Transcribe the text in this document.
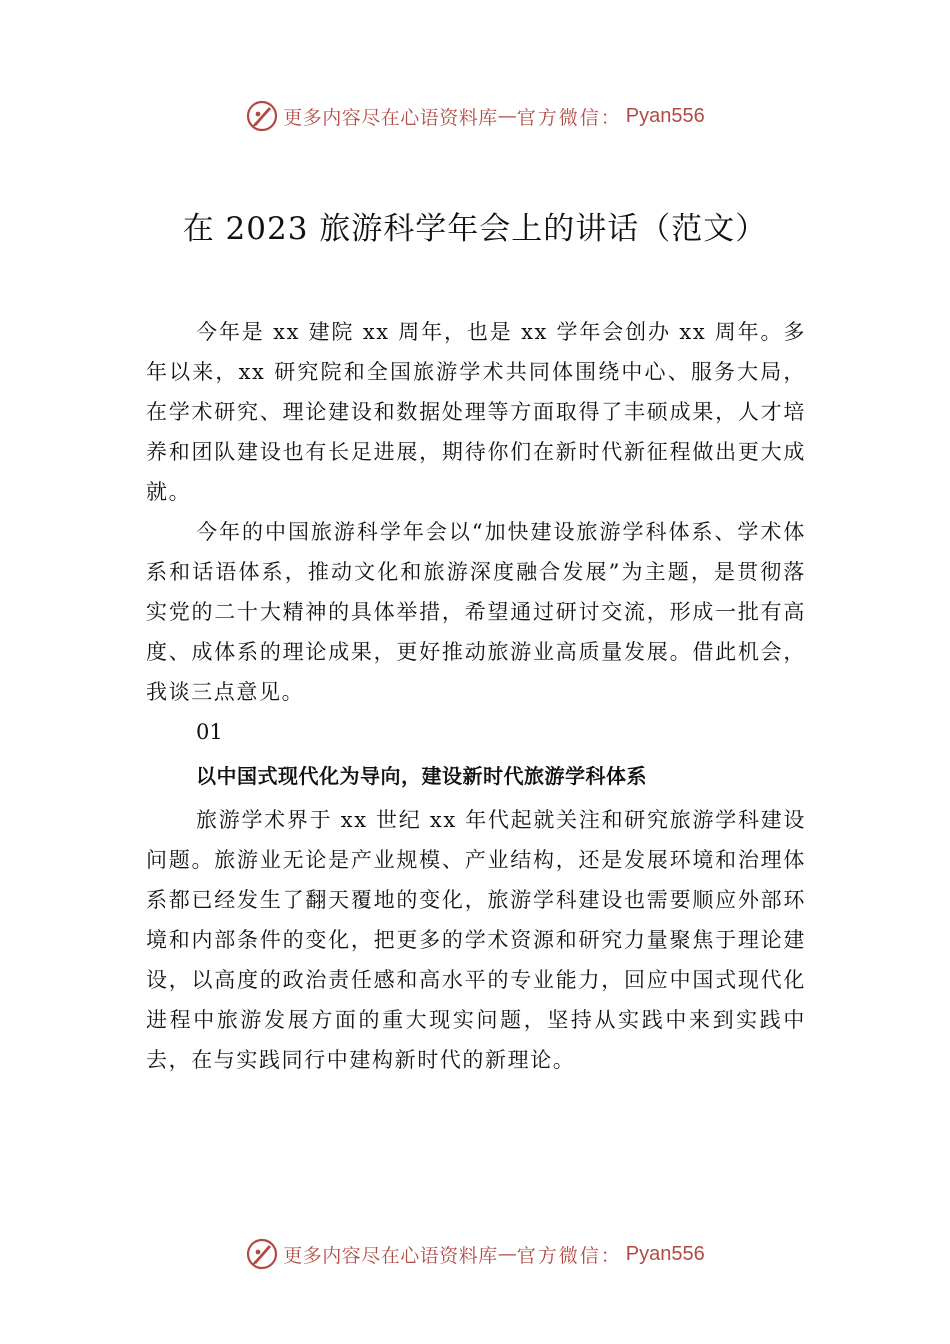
更多内容尽在心语资料库 — 官方微信： Pyan556
在 2023 旅游科学年会上的讲话（范文）

今年是 xx 建院 xx 周年，也是 xx 学年会创办 xx 周年。多年以来，xx 研究院和全国旅游学术共同体围绕中心、服务大局，在学术研究、理论建设和数据处理等方面取得了丰硕成果，人才培养和团队建设也有长足进展，期待你们在新时代新征程做出更大成就。

今年的中国旅游科学年会以“加快建设旅游学科体系、学术体系和话语体系，推动文化和旅游深度融合发展”为主题，是贯彻落实党的二十大精神的具体举措，希望通过研讨交流，形成一批有高度、成体系的理论成果，更好推动旅游业高质量发展。借此机会，我谈三点意见。

01

以中国式现代化为导向，建设新时代旅游学科体系

旅游学术界于 xx 世纪 xx 年代起就关注和研究旅游学科建设问题。旅游业无论是产业规模、产业结构，还是发展环境和治理体系都已经发生了翻天覆地的变化，旅游学科建设也需要顺应外部环境和内部条件的变化，把更多的学术资源和研究力量聚焦于理论建设，以高度的政治责任感和高水平的专业能力，回应中国式现代化进程中旅游发展方面的重大现实问题，坚持从实践中来到实践中去，在与实践同行中建构新时代的新理论。

更多内容尽在心语资料库 — 官方微信： Pyan556
